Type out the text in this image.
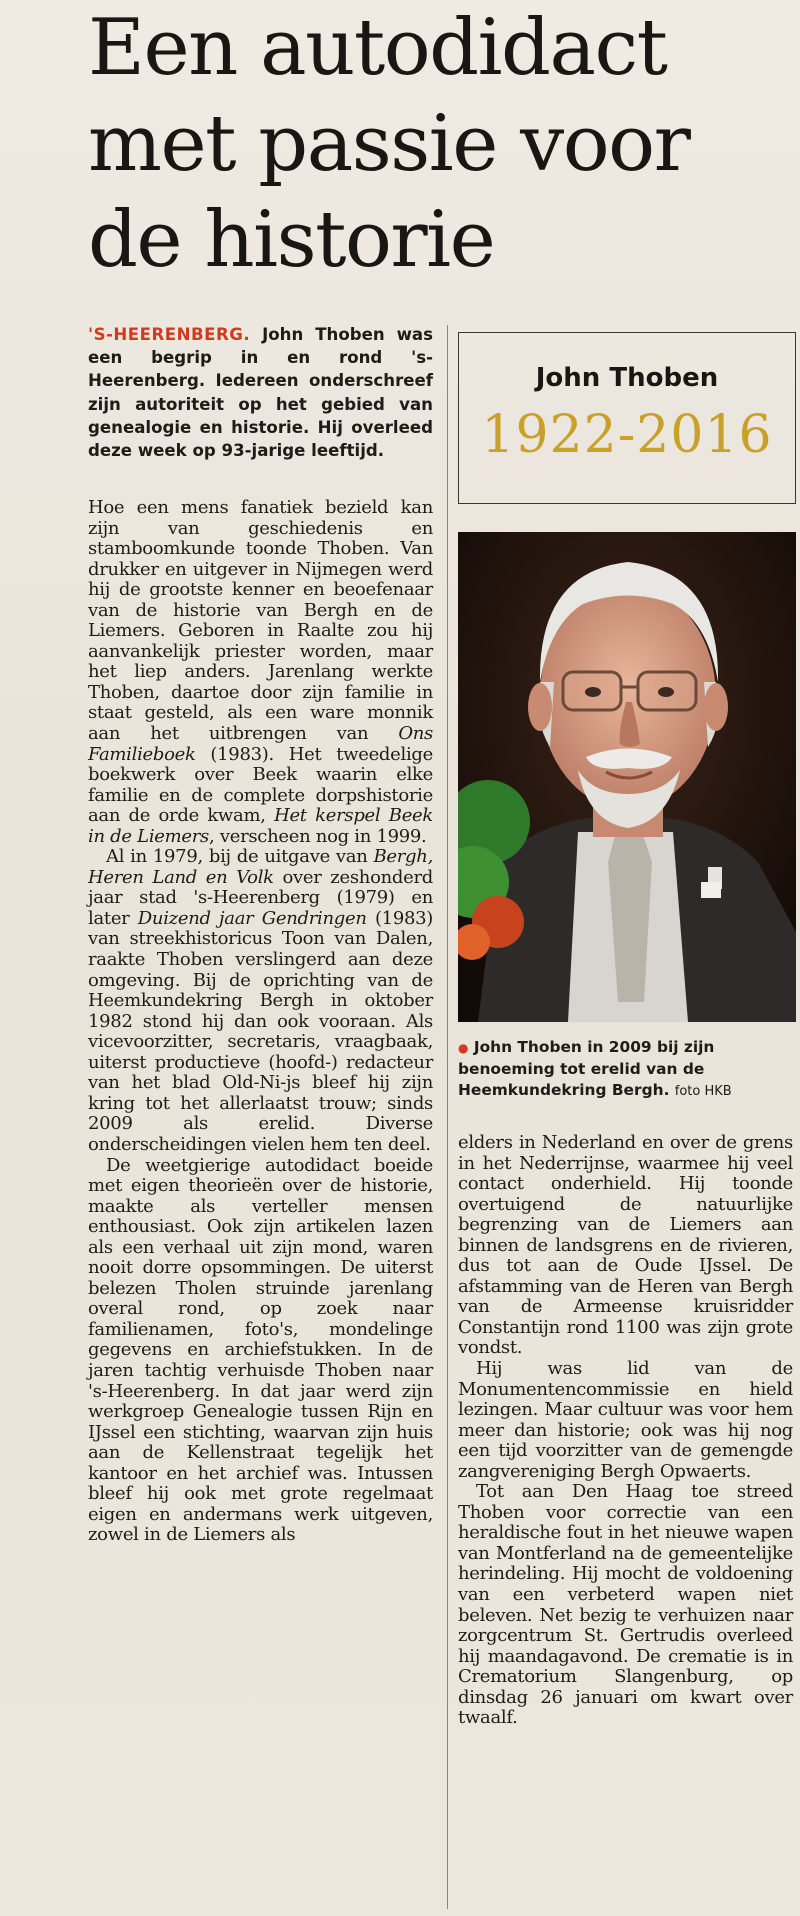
Een autodidact
met passie voor
de historie

'S-HEERENBERG. John Thoben was een begrip in en rond 's-Heerenberg. Iedereen onderschreef zijn autoriteit op het gebied van genealogie en historie. Hij overleed deze week op 93-jarige leeftijd.

Hoe een mens fanatiek bezield kan zijn van geschiedenis en stamboomkunde toonde Thoben. Van drukker en uitgever in Nijmegen werd hij de grootste kenner en beoefenaar van de historie van Bergh en de Liemers. Geboren in Raalte zou hij aanvankelijk priester worden, maar het liep anders. Jarenlang werkte Thoben, daartoe door zijn familie in staat gesteld, als een ware monnik aan het uitbrengen van Ons Familieboek (1983). Het tweedelige boekwerk over Beek waarin elke familie en de complete dorpshistorie aan de orde kwam, Het kerspel Beek in de Liemers, verscheen nog in 1999.

Al in 1979, bij de uitgave van Bergh, Heren Land en Volk over zeshonderd jaar stad 's-Heerenberg (1979) en later Duizend jaar Gendringen (1983) van streekhistoricus Toon van Dalen, raakte Thoben verslingerd aan deze omgeving. Bij de oprichting van de Heemkundekring Bergh in oktober 1982 stond hij dan ook vooraan. Als vicevoorzitter, secretaris, vraagbaak, uiterst productieve (hoofd-) redacteur van het blad Old-Ni-js bleef hij zijn kring tot het allerlaatst trouw; sinds 2009 als erelid. Diverse onderscheidingen vielen hem ten deel.

De weetgierige autodidact boeide met eigen theorieën over de historie, maakte als verteller mensen enthousiast. Ook zijn artikelen lazen als een verhaal uit zijn mond, waren nooit dorre opsommingen. De uiterst belezen Tholen struinde jarenlang overal rond, op zoek naar familienamen, foto's, mondelinge gegevens en archiefstukken. In de jaren tachtig verhuisde Thoben naar 's-Heerenberg. In dat jaar werd zijn werkgroep Genealogie tussen Rijn en IJssel een stichting, waarvan zijn huis aan de Kellenstraat tegelijk het kantoor en het archief was. Intussen bleef hij ook met grote regelmaat eigen en andermans werk uitgeven, zowel in de Liemers als

John Thoben
1922-2016

● John Thoben in 2009 bij zijn benoeming tot erelid van de Heemkundekring Bergh. foto HKB

elders in Nederland en over de grens in het Nederrijnse, waarmee hij veel contact onderhield. Hij toonde overtuigend de natuurlijke begrenzing van de Liemers aan binnen de landsgrens en de rivieren, dus tot aan de Oude IJssel. De afstamming van de Heren van Bergh van de Armeense kruisridder Constantijn rond 1100 was zijn grote vondst.

Hij was lid van de Monumentencommissie en hield lezingen. Maar cultuur was voor hem meer dan historie; ook was hij nog een tijd voorzitter van de gemengde zangvereniging Bergh Opwaerts.

Tot aan Den Haag toe streed Thoben voor correctie van een heraldische fout in het nieuwe wapen van Montferland na de gemeentelijke herindeling. Hij mocht de voldoening van een verbeterd wapen niet beleven. Net bezig te verhuizen naar zorgcentrum St. Gertrudis overleed hij maandagavond. De crematie is in Crematorium Slangenburg, op dinsdag 26 januari om kwart over twaalf.
